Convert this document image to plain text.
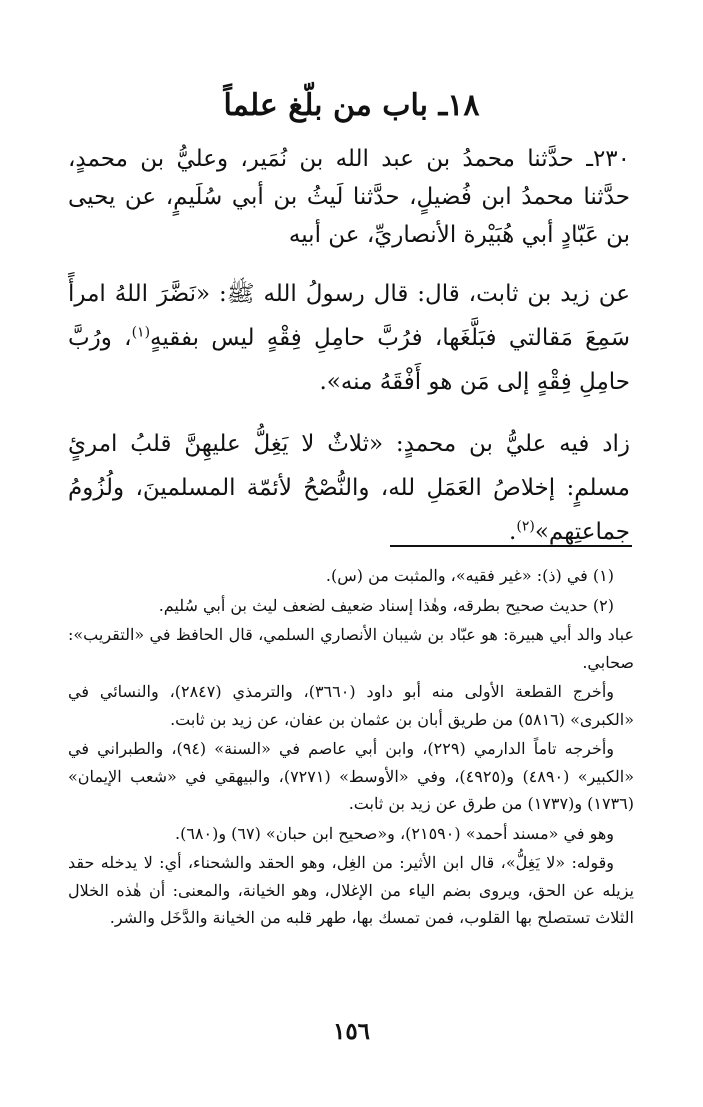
١٨ـ باب من بلّغ علماً

٢٣٠ـ حدَّثنا محمدُ بن عبد الله بن نُمَير، وعليُّ بن محمدٍ، حدَّثنا محمدُ ابن فُضيلٍ، حدَّثنا لَيثُ بن أبي سُلَيمٍ، عن يحيى بن عَبّادٍ أبي هُبَيْرة الأنصاريِّ، عن أبيه

عن زيد بن ثابت، قال: قال رسولُ الله ﷺ: «نَضَّرَ اللهُ امرأً سَمِعَ مَقالتي فبَلَّغَها، فرُبَّ حامِلِ فِقْهٍ ليس بفقيهٍ$^{(١)}$، ورُبَّ حامِلِ فِقْهٍ إلى مَن هو أَفْقَهُ منه».

زاد فيه عليُّ بن محمدٍ: «ثلاثٌ لا يَغِلُّ عليهِنَّ قلبُ امرئٍ مسلمٍ: إخلاصُ العَمَلِ لله، والنُّصْحُ لأئمّة المسلمينَ، ولُزُومُ جماعتِهم»$^{(٢)}$.

(١) في (ذ): «غير فقيه»، والمثبت من (س).

(٢) حديث صحيح بطرقه، وهٰذا إسناد ضعيف لضعف ليث بن أبي سُليم.

عباد والد أبي هبيرة: هو عبّاد بن شيبان الأنصاري السلمي، قال الحافظ في «التقريب»: صحابي.

وأخرج القطعة الأولى منه أبو داود (٣٦٦٠)، والترمذي (٢٨٤٧)، والنسائي في «الكبرى» (٥٨١٦) من طريق أبان بن عثمان بن عفان، عن زيد بن ثابت.

وأخرجه تاماً الدارمي (٢٢٩)، وابن أبي عاصم في «السنة» (٩٤)، والطبراني في «الكبير» (٤٨٩٠) و(٤٩٢٥)، وفي «الأوسط» (٧٢٧١)، والبيهقي في «شعب الإيمان» (١٧٣٦) و(١٧٣٧) من طرق عن زيد بن ثابت.

وهو في «مسند أحمد» (٢١٥٩٠)، و«صحيح ابن حبان» (٦٧) و(٦٨٠).

وقوله: «لا يَغِلُّ»، قال ابن الأثير: من الغِل، وهو الحقد والشحناء، أي: لا يدخله حقد يزيله عن الحق، ويروى بضم الياء من الإغلال، وهو الخيانة، والمعنى: أن هٰذه الخلال الثلاث تستصلح بها القلوب، فمن تمسك بها، طهر قلبه من الخيانة والدَّخَل والشر.

١٥٦
